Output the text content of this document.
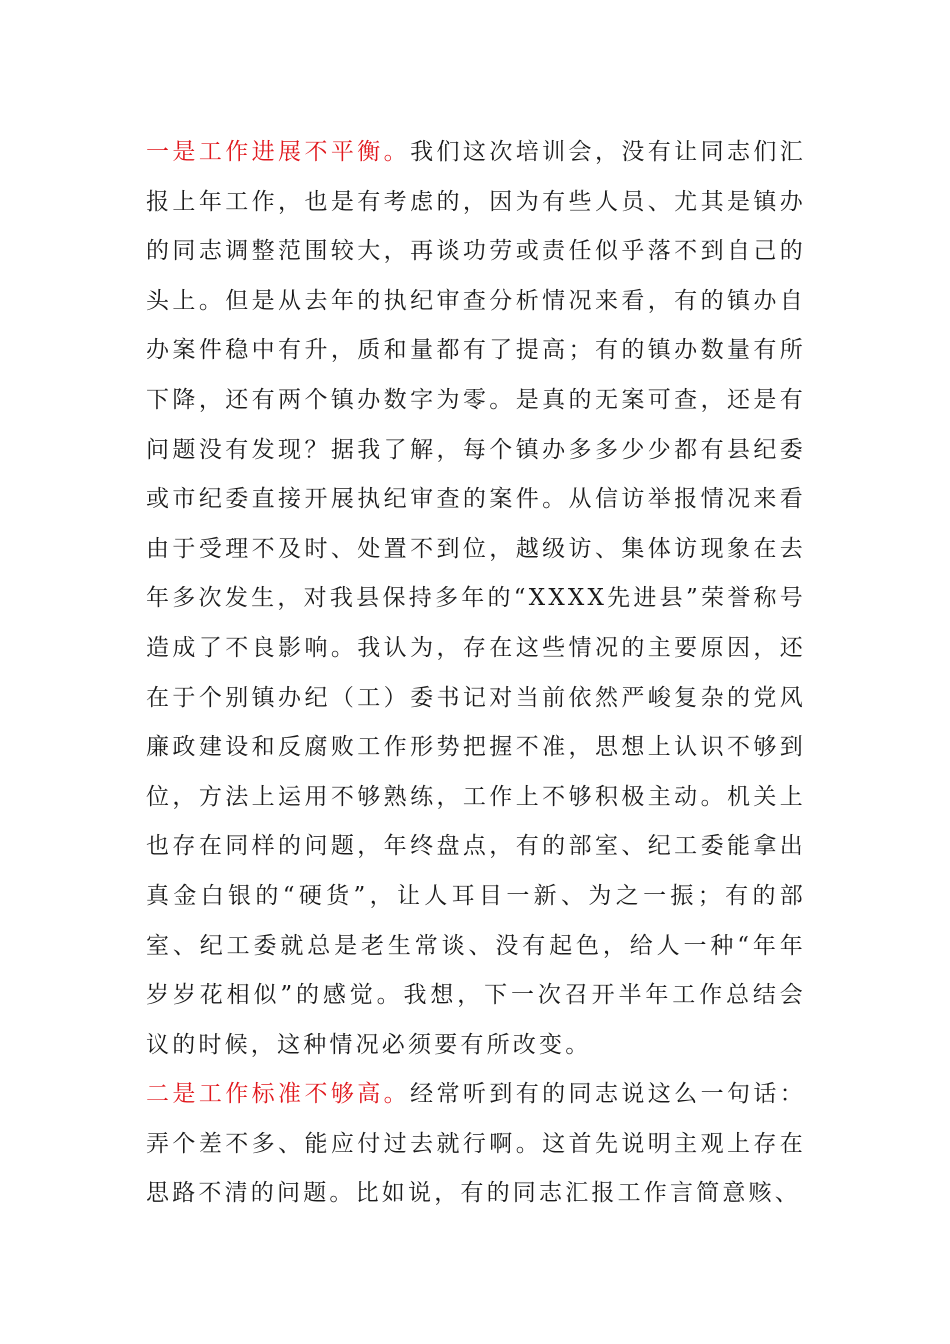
一是工作进展不平衡。我们这次培训会，没有让同志们汇报上年工作，也是有考虑的，因为有些人员、尤其是镇办的同志调整范围较大，再谈功劳或责任似乎落不到自己的头上。但是从去年的执纪审查分析情况来看，有的镇办自办案件稳中有升，质和量都有了提高；有的镇办数量有所下降，还有两个镇办数字为零。是真的无案可查，还是有问题没有发现？据我了解，每个镇办多多少少都有县纪委或市纪委直接开展执纪审查的案件。从信访举报情况来看由于受理不及时、处置不到位，越级访、集体访现象在去年多次发生，对我县保持多年的“XXXX先进县”荣誉称号造成了不良影响。我认为，存在这些情况的主要原因，还在于个别镇办纪（工）委书记对当前依然严峻复杂的党风廉政建设和反腐败工作形势把握不准，思想上认识不够到位，方法上运用不够熟练，工作上不够积极主动。机关上也存在同样的问题，年终盘点，有的部室、纪工委能拿出真金白银的“硬货”，让人耳目一新、为之一振；有的部室、纪工委就总是老生常谈、没有起色，给人一种“年年岁岁花相似”的感觉。我想，下一次召开半年工作总结会议的时候，这种情况必须要有所改变。

二是工作标准不够高。经常听到有的同志说这么一句话：弄个差不多、能应付过去就行啊。这首先说明主观上存在思路不清的问题。比如说，有的同志汇报工作言简意赅、
